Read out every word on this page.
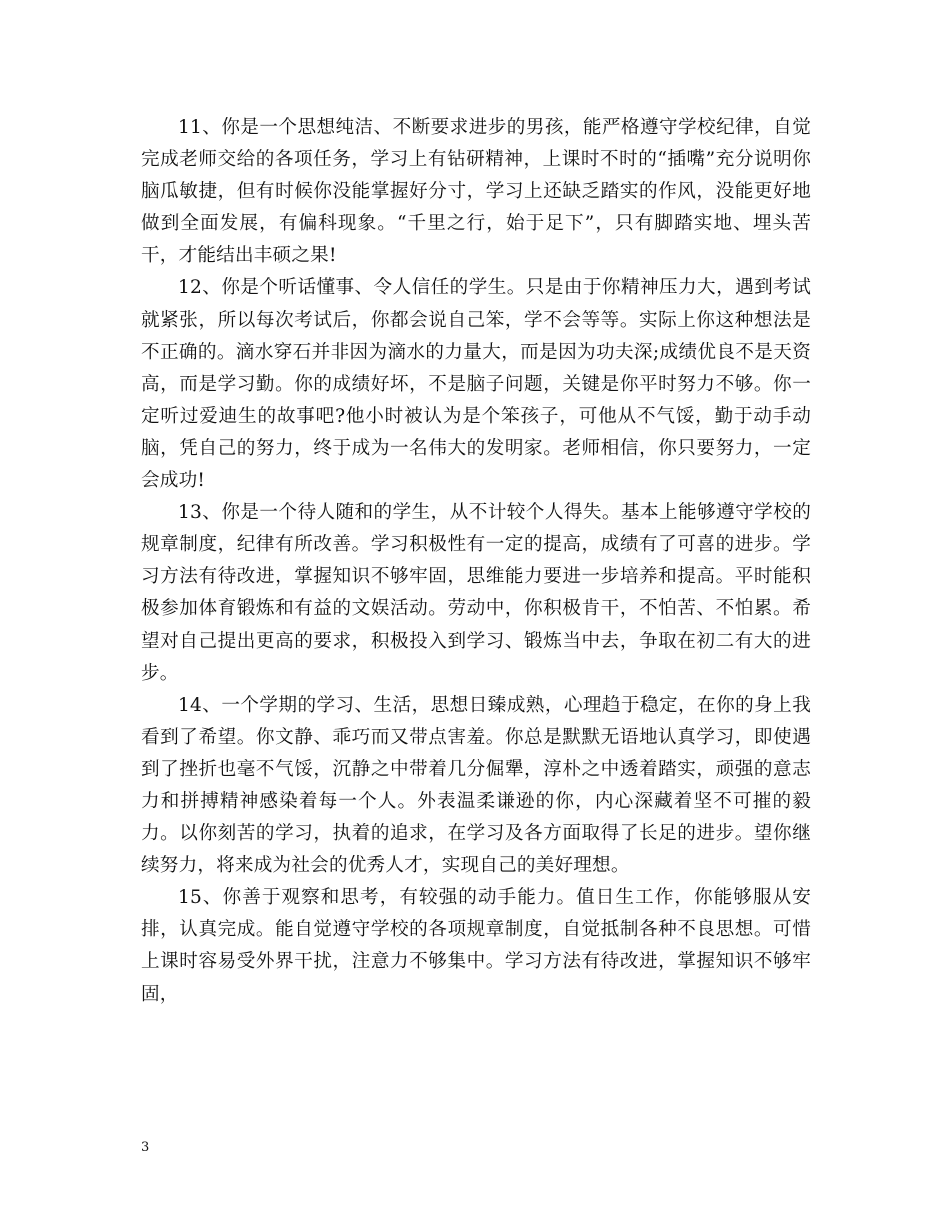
11、你是一个思想纯洁、不断要求进步的男孩，能严格遵守学校纪律，自觉完成老师交给的各项任务，学习上有钻研精神，上课时不时的“插嘴”充分说明你脑瓜敏捷，但有时候你没能掌握好分寸，学习上还缺乏踏实的作风，没能更好地做到全面发展，有偏科现象。“千里之行，始于足下”，只有脚踏实地、埋头苦干，才能结出丰硕之果!

12、你是个听话懂事、令人信任的学生。只是由于你精神压力大，遇到考试就紧张，所以每次考试后，你都会说自己笨，学不会等等。实际上你这种想法是不正确的。滴水穿石并非因为滴水的力量大，而是因为功夫深;成绩优良不是天资高，而是学习勤。你的成绩好坏，不是脑子问题，关键是你平时努力不够。你一定听过爱迪生的故事吧?他小时被认为是个笨孩子，可他从不气馁，勤于动手动脑，凭自己的努力，终于成为一名伟大的发明家。老师相信，你只要努力，一定会成功!

13、你是一个待人随和的学生，从不计较个人得失。基本上能够遵守学校的规章制度，纪律有所改善。学习积极性有一定的提高，成绩有了可喜的进步。学习方法有待改进，掌握知识不够牢固，思维能力要进一步培养和提高。平时能积极参加体育锻炼和有益的文娱活动。劳动中，你积极肯干，不怕苦、不怕累。希望对自己提出更高的要求，积极投入到学习、锻炼当中去，争取在初二有大的进步。

14、一个学期的学习、生活，思想日臻成熟，心理趋于稳定，在你的身上我看到了希望。你文静、乖巧而又带点害羞。你总是默默无语地认真学习，即使遇到了挫折也毫不气馁，沉静之中带着几分倔犟，淳朴之中透着踏实，顽强的意志力和拼搏精神感染着每一个人。外表温柔谦逊的你，内心深藏着坚不可摧的毅力。以你刻苦的学习，执着的追求，在学习及各方面取得了长足的进步。望你继续努力，将来成为社会的优秀人才，实现自己的美好理想。

15、你善于观察和思考，有较强的动手能力。值日生工作，你能够服从安排，认真完成。能自觉遵守学校的各项规章制度，自觉抵制各种不良思想。可惜上课时容易受外界干扰，注意力不够集中。学习方法有待改进，掌握知识不够牢固，

3
